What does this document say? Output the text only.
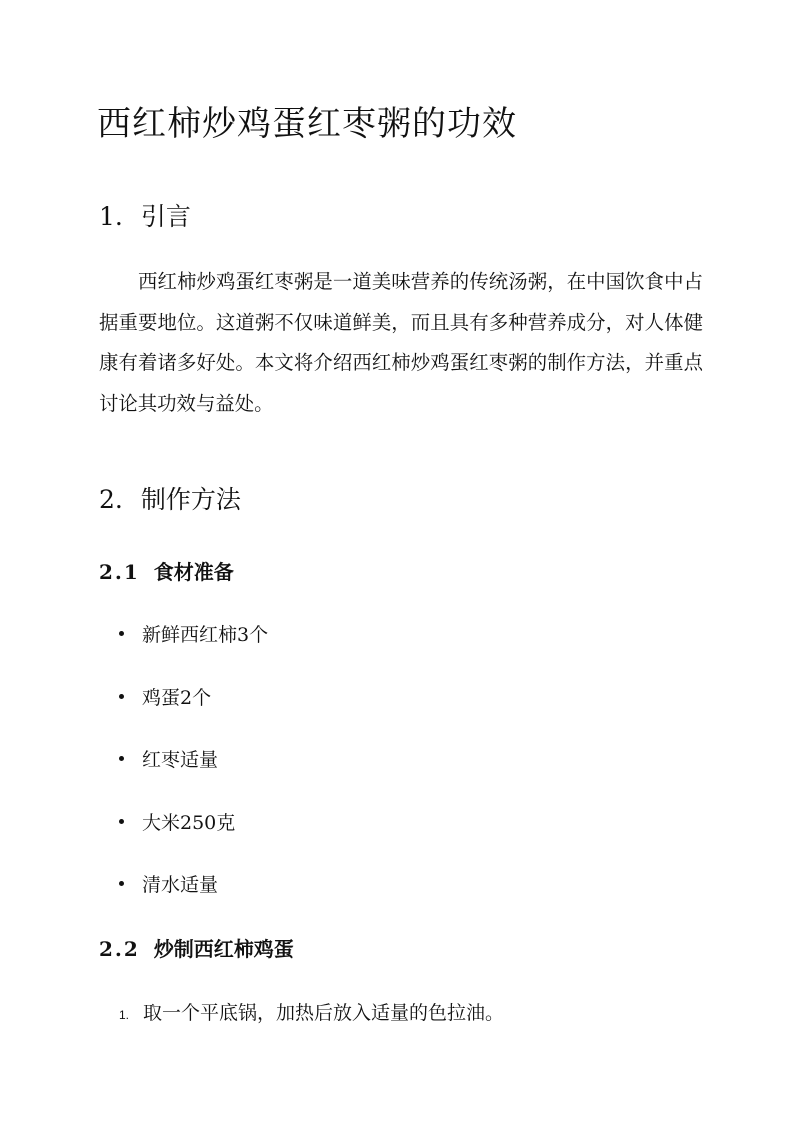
西红柿炒鸡蛋红枣粥的功效
1. 引言

西红柿炒鸡蛋红枣粥是一道美味营养的传统汤粥，在中国饮食中占据重要地位。这道粥不仅味道鲜美，而且具有多种营养成分，对人体健康有着诸多好处。本文将介绍西红柿炒鸡蛋红枣粥的制作方法，并重点讨论其功效与益处。

2. 制作方法
2.1 食材准备
新鲜西红柿3个
鸡蛋2个
红枣适量
大米250克
清水适量
2.2 炒制西红柿鸡蛋
1. 取一个平底锅，加热后放入适量的色拉油。
